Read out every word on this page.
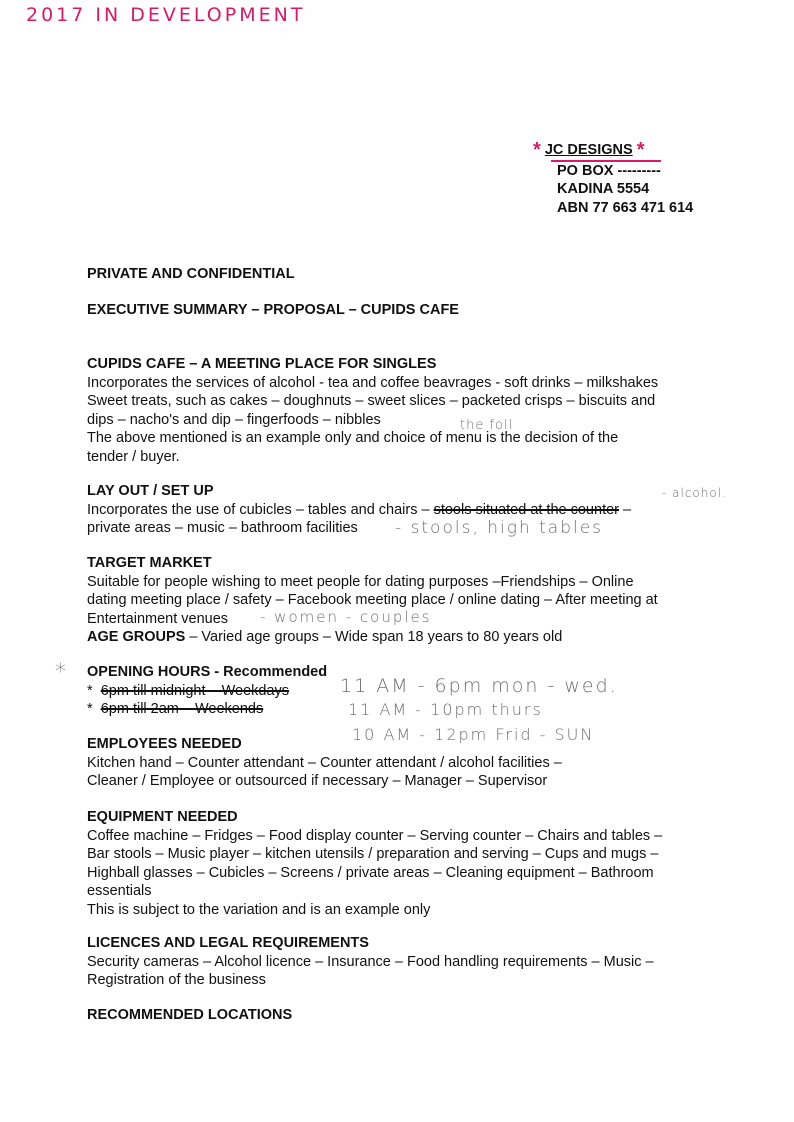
2017 IN DEVELOPMENT
* JC DESIGNS *
PO BOX ---------
KADINA 5554
ABN 77 663 471 614
PRIVATE AND CONFIDENTIAL
EXECUTIVE SUMMARY – PROPOSAL – CUPIDS CAFE
CUPIDS CAFE – A MEETING PLACE FOR SINGLES
Incorporates the services of alcohol - tea and coffee beavrages - soft drinks – milkshakes
Sweet treats, such as cakes – doughnuts – sweet slices – packeted crisps – biscuits and
dips – nacho's and dip – fingerfoods – nibbles
The above mentioned is an example only and choice of menu is the decision of the
tender / buyer.
LAY OUT / SET UP
Incorporates the use of cubicles – tables and chairs – stools situated at the counter –
private areas – music – bathroom facilities
TARGET MARKET
Suitable for people wishing to meet people for dating purposes –Friendships – Online
dating meeting place / safety – Facebook meeting place / online dating – After meeting at
Entertainment venues
AGE GROUPS – Varied age groups – Wide span 18 years to 80 years old
OPENING HOURS - Recommended
* 6pm till midnight – Weekdays
* 6pm till 2am – Weekends
EMPLOYEES NEEDED
Kitchen hand – Counter attendant – Counter attendant / alcohol facilities –
Cleaner / Employee or outsourced if necessary – Manager – Supervisor
EQUIPMENT NEEDED
Coffee machine – Fridges – Food display counter – Serving counter – Chairs and tables –
Bar stools – Music player – kitchen utensils / preparation and serving – Cups and mugs –
Highball glasses – Cubicles – Screens / private areas – Cleaning equipment – Bathroom
essentials
This is subject to the variation and is an example only
LICENCES AND LEGAL REQUIREMENTS
Security cameras – Alcohol licence – Insurance – Food handling requirements – Music –
Registration of the business
RECOMMENDED LOCATIONS
the foll
- alcohol.
- stools, high tables
- women - couples
*
11 AM - 6pm mon - wed.
11 AM - 10pm thurs
10 AM - 12pm Frid - SUN
